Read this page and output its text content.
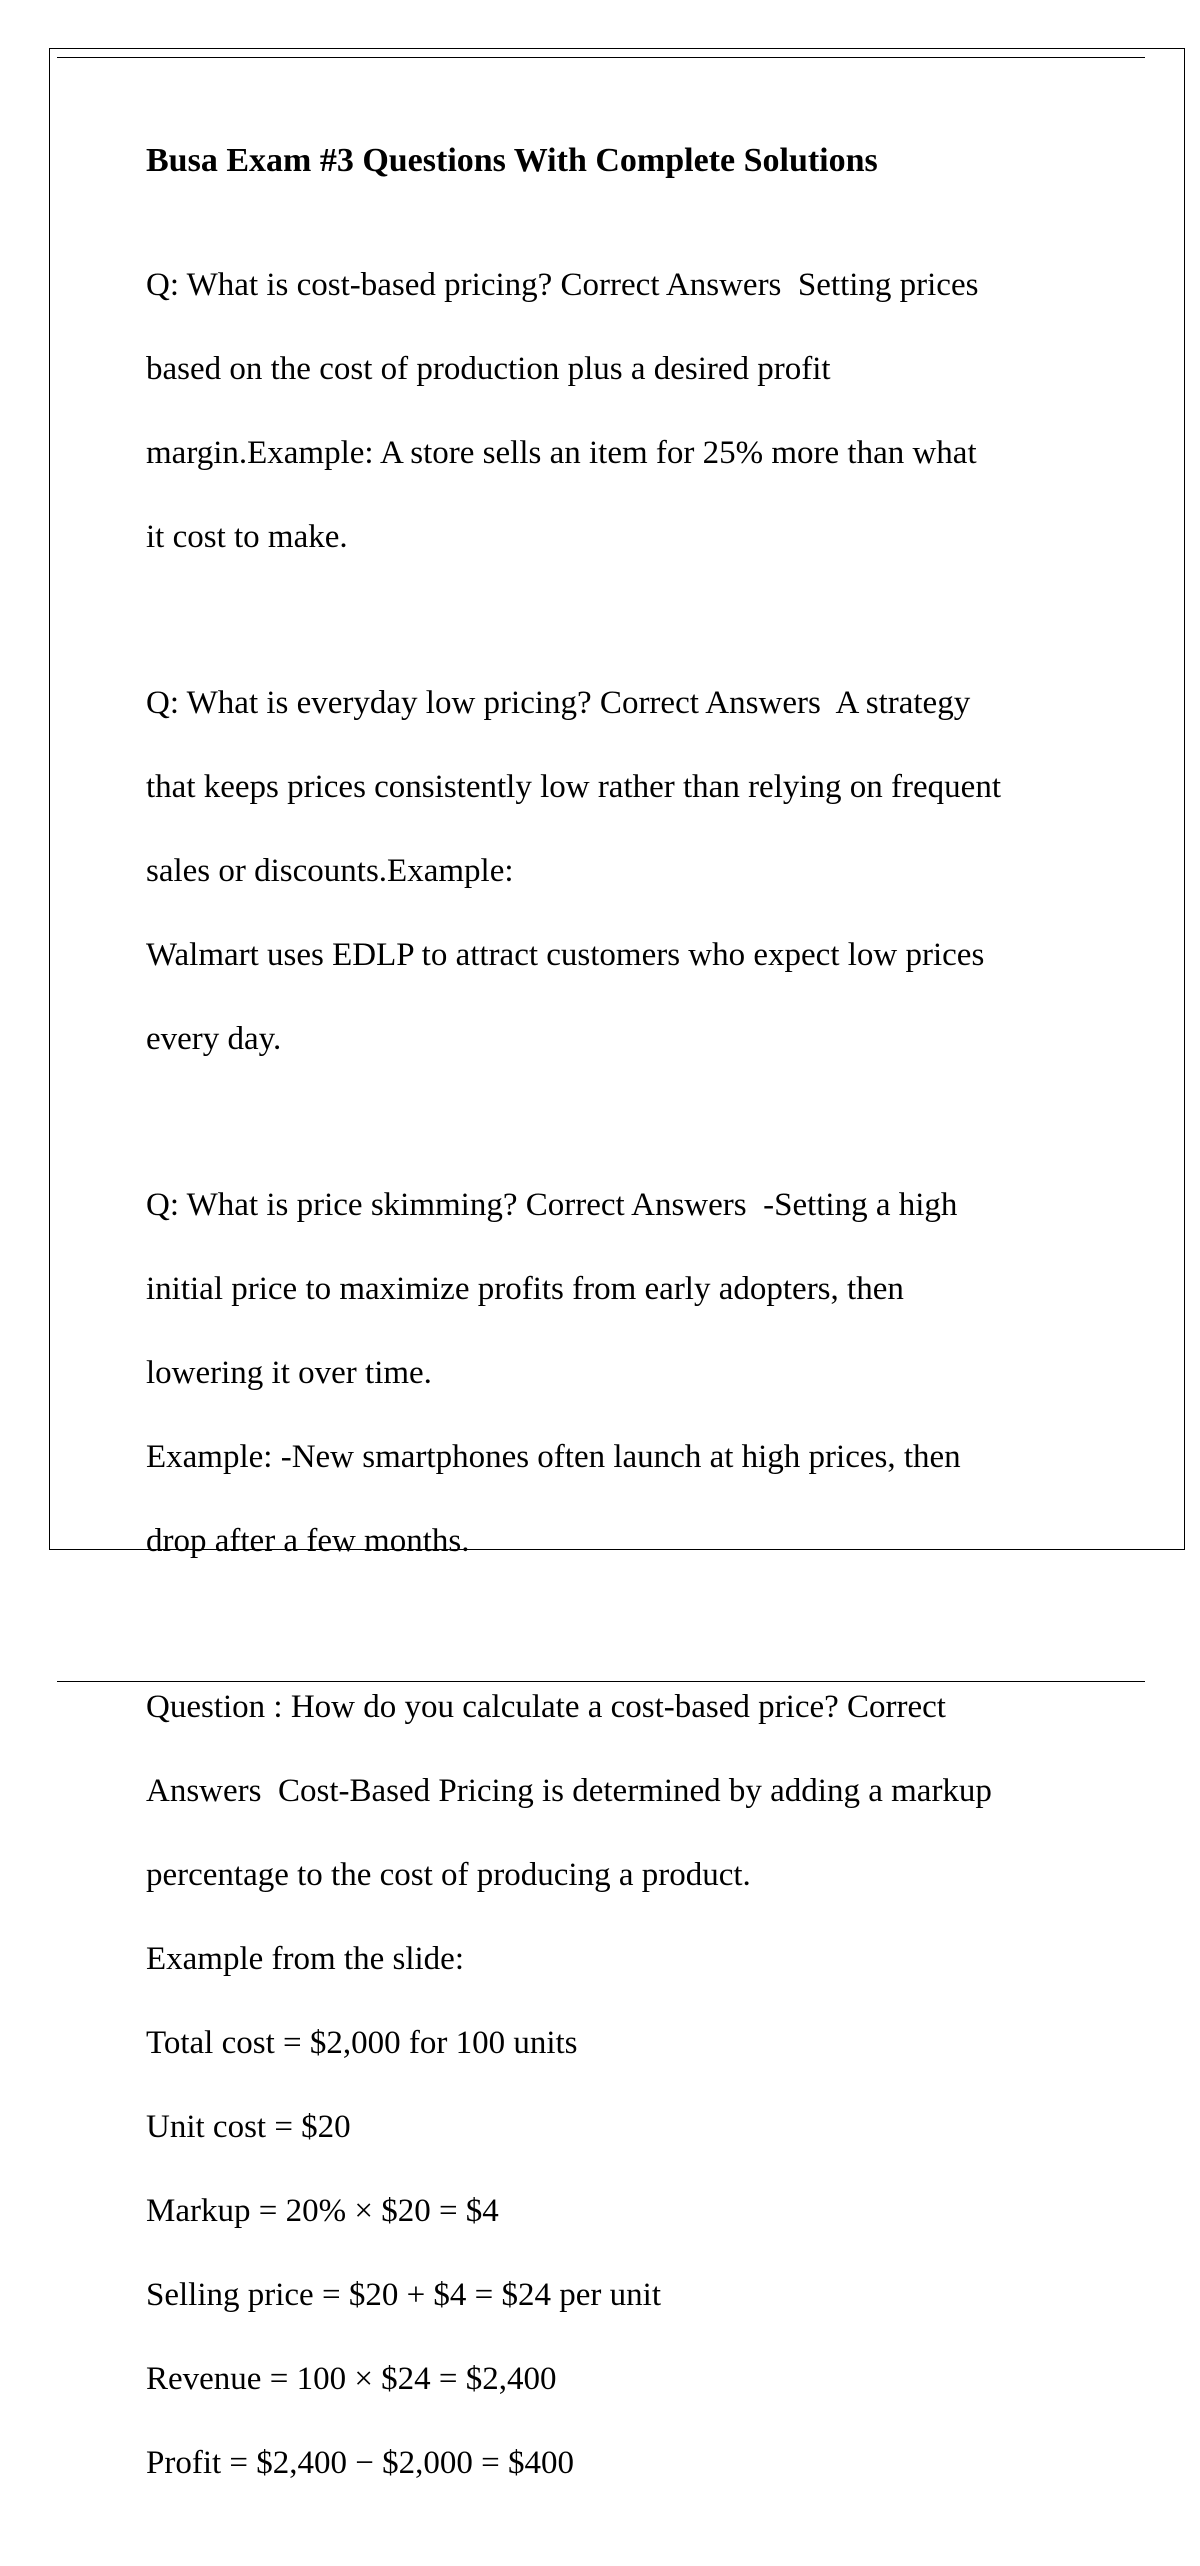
Busa Exam #3 Questions With Complete Solutions

Q: What is cost-based pricing? Correct Answers  Setting prices

based on the cost of production plus a desired profit

margin.Example: A store sells an item for 25% more than what

it cost to make.

Q: What is everyday low pricing? Correct Answers  A strategy

that keeps prices consistently low rather than relying on frequent

sales or discounts.Example:

Walmart uses EDLP to attract customers who expect low prices

every day.

Q: What is price skimming? Correct Answers  -Setting a high

initial price to maximize profits from early adopters, then

lowering it over time.

Example: -New smartphones often launch at high prices, then

drop after a few months.

Question : How do you calculate a cost-based price? Correct

Answers  Cost-Based Pricing is determined by adding a markup

percentage to the cost of producing a product.

Example from the slide:

Total cost = $2,000 for 100 units

Unit cost = $20

Markup = 20% × $20 = $4

Selling price = $20 + $4 = $24 per unit

Revenue = 100 × $24 = $2,400

Profit = $2,400 − $2,000 = $400
